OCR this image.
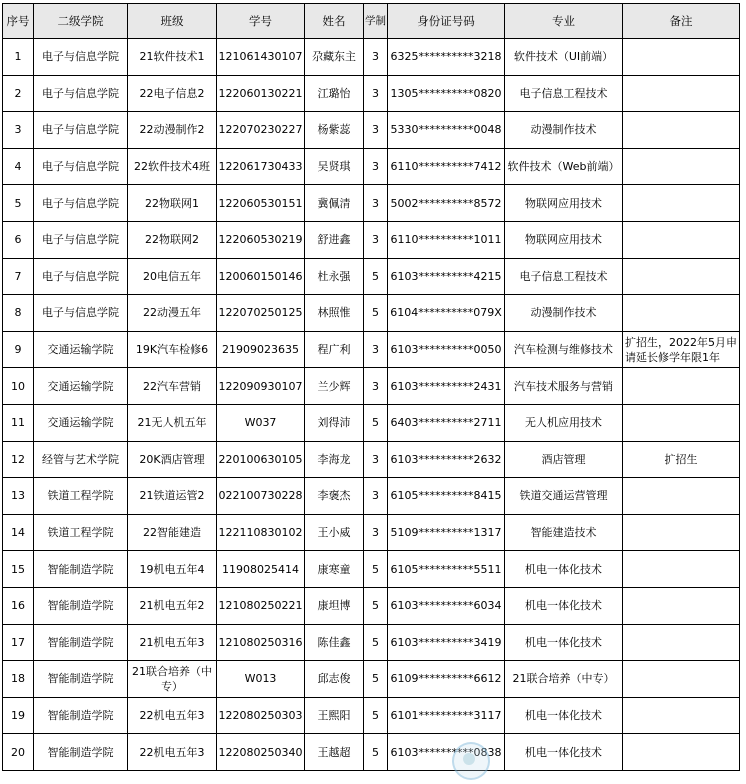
序号	二级学院	班级	学号	姓名	学制	身份证号码	专业	备注
1	电子与信息学院	21软件技术1	121061430107	尕藏东主	3	6325**********3218	软件技术（UI前端）	
2	电子与信息学院	22电子信息2	122060130221	江璐怡	3	1305**********0820	电子信息工程技术	
3	电子与信息学院	22动漫制作2	122070230227	杨紫蕊	3	5330**********0048	动漫制作技术	
4	电子与信息学院	22软件技术4班	122061730433	吴贤琪	3	6110**********7412	软件技术（Web前端）	
5	电子与信息学院	22物联网1	122060530151	冀佩清	3	5002**********8572	物联网应用技术	
6	电子与信息学院	22物联网2	122060530219	舒进鑫	3	6110**********1011	物联网应用技术	
7	电子与信息学院	20电信五年	120060150146	杜永强	5	6103**********4215	电子信息工程技术	
8	电子与信息学院	22动漫五年	122070250125	林照惟	5	6104**********079X	动漫制作技术	
9	交通运输学院	19K汽车检修6	21909023635	程广利	3	6103**********0050	汽车检测与维修技术	扩招生，2022年5月申请延长修学年限1年
10	交通运输学院	22汽车营销	122090930107	兰少辉	3	6103**********2431	汽车技术服务与营销	
11	交通运输学院	21无人机五年	W037	刘得沛	5	6403**********2711	无人机应用技术	
12	经管与艺术学院	20K酒店管理	220100630105	李海龙	3	6103**********2632	酒店管理	扩招生
13	铁道工程学院	21铁道运管2	022100730228	李褒杰	3	6105**********8415	铁道交通运营管理	
14	铁道工程学院	22智能建造	122110830102	王小威	3	5109**********1317	智能建造技术	
15	智能制造学院	19机电五年4	11908025414	康寒童	5	6105**********5511	机电一体化技术	
16	智能制造学院	21机电五年2	121080250221	康坦博	5	6103**********6034	机电一体化技术	
17	智能制造学院	21机电五年3	121080250316	陈佳鑫	5	6103**********3419	机电一体化技术	
18	智能制造学院	21联合培养（中专）	W013	邱志俊	5	6109**********6612	21联合培养（中专）	
19	智能制造学院	22机电五年3	122080250303	王熙阳	5	6101**********3117	机电一体化技术	
20	智能制造学院	22机电五年3	122080250340	王越超	5	6103**********0838	机电一体化技术	
